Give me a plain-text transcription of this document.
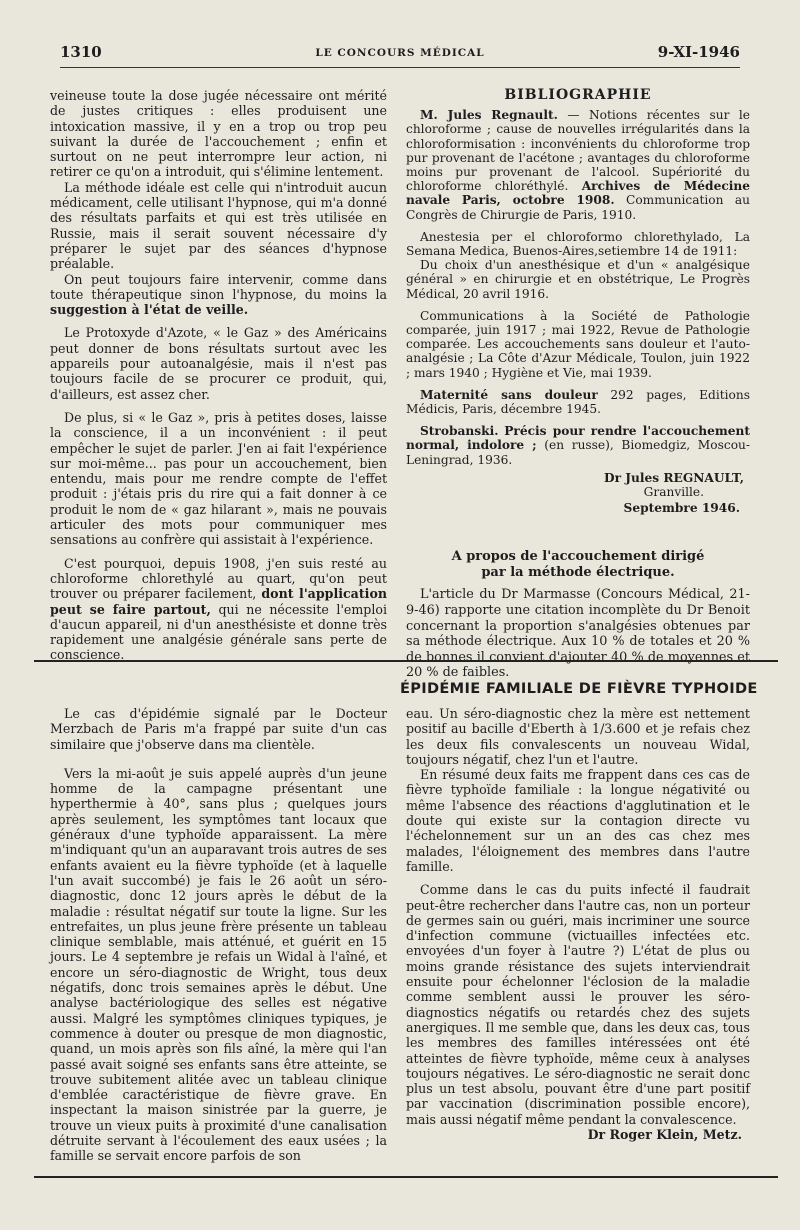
1310	LE CONCOURS MÉDICAL	9-XI-1946

veineuse toute la dose jugée nécessaire ont mérité de justes critiques : elles produisent une intoxication massive, il y en a trop ou trop peu suivant la durée de l'accouchement ; enfin et surtout on ne peut interrompre leur action, ni retirer ce qu'on a introduit, qui s'élimine lentement.

La méthode idéale est celle qui n'introduit aucun médicament, celle utilisant l'hypnose, qui m'a donné des résultats parfaits et qui est très utilisée en Russie, mais il serait souvent nécessaire d'y préparer le sujet par des séances d'hypnose préalable.

On peut toujours faire intervenir, comme dans toute thérapeutique sinon l'hypnose, du moins la suggestion à l'état de veille.

Le Protoxyde d'Azote, « le Gaz » des Américains peut donner de bons résultats surtout avec les appareils pour autoanalgésie, mais il n'est pas toujours facile de se procurer ce produit, qui, d'ailleurs, est assez cher.

De plus, si « le Gaz », pris à petites doses, laisse la conscience, il a un inconvénient : il peut empêcher le sujet de parler. J'en ai fait l'expérience sur moi-même... pas pour un accouchement, bien entendu, mais pour me rendre compte de l'effet produit : j'étais pris du rire qui a fait donner à ce produit le nom de « gaz hilarant », mais ne pouvais articuler des mots pour communiquer mes sensations au confrère qui assistait à l'expérience.

C'est pourquoi, depuis 1908, j'en suis resté au chloroforme chlorethylé au quart, qu'on peut trouver ou préparer facilement, dont l'application peut se faire partout, qui ne nécessite l'emploi d'aucun appareil, ni d'un anesthésiste et donne très rapidement une analgésie générale sans perte de conscience.

BIBLIOGRAPHIE

M. Jules Regnault. — Notions récentes sur le chloroforme ; cause de nouvelles irrégularités dans la chloroformisation : inconvénients du chloroforme trop pur provenant de l'acétone ; avantages du chloroforme moins pur provenant de l'alcool. Supériorité du chloroforme chloréthylé. Archives de Médecine navale Paris, octobre 1908. Communication au Congrès de Chirurgie de Paris, 1910.

Anestesia per el chloroformo chlorethylado, La Semana Medica, Buenos-Aires,setiembre 14 de 1911:

Du choix d'un anesthésique et d'un « analgésique général » en chirurgie et en obstétrique, Le Progrès Médical, 20 avril 1916.

Communications à la Société de Pathologie comparée, juin 1917 ; mai 1922, Revue de Pathologie comparée. Les accouchements sans douleur et l'auto-analgésie ; La Côte d'Azur Médicale, Toulon, juin 1922 ; mars 1940 ; Hygiène et Vie, mai 1939.

Maternité sans douleur 292 pages, Editions Médicis, Paris, décembre 1945.

Strobanski. Précis pour rendre l'accouchement normal, indolore ; (en russe), Biomedgiz, Moscou-Leningrad, 1936.

Dr Jules REGNAULT,

Granville.

Septembre 1946.

A propos de l'accouchement dirigé
par la méthode électrique.

L'article du Dr Marmasse (Concours Médical, 21-9-46) rapporte une citation incomplète du Dr Benoit concernant la proportion s'analgésies obtenues par sa méthode électrique. Aux 10 % de totales et 20 % de bonnes il convient d'ajouter 40 % de moyennes et 20 % de faibles.

ÉPIDÉMIE FAMILIALE DE FIÈVRE TYPHOIDE

Le cas d'épidémie signalé par le Docteur Merzbach de Paris m'a frappé par suite d'un cas similaire que j'observe dans ma clientèle.

Vers la mi-août je suis appelé auprès d'un jeune homme de la campagne présentant une hyperthermie à 40°, sans plus ; quelques jours après seulement, les symptômes tant locaux que généraux d'une typhoïde apparaissent. La mère m'indiquant qu'un an auparavant trois autres de ses enfants avaient eu la fièvre typhoïde (et à laquelle l'un avait succombé) je fais le 26 août un séro-diagnostic, donc 12 jours après le début de la maladie : résultat négatif sur toute la ligne. Sur les entrefaites, un plus jeune frère présente un tableau clinique semblable, mais atténué, et guérit en 15 jours. Le 4 septembre je refais un Widal à l'aîné, et encore un séro-diagnostic de Wright, tous deux négatifs, donc trois semaines après le début. Une analyse bactériologique des selles est négative aussi. Malgré les symptômes cliniques typiques, je commence à douter ou presque de mon diagnostic, quand, un mois après son fils aîné, la mère qui l'an passé avait soigné ses enfants sans être atteinte, se trouve subitement alitée avec un tableau clinique d'emblée caractéristique de fièvre grave. En inspectant la maison sinistrée par la guerre, je trouve un vieux puits à proximité d'une canalisation détruite servant à l'écoulement des eaux usées ; la famille se servait encore parfois de son

eau. Un séro-diagnostic chez la mère est nettement positif au bacille d'Eberth à 1/3.600 et je refais chez les deux fils convalescents un nouveau Widal, toujours négatif, chez l'un et l'autre.

En résumé deux faits me frappent dans ces cas de fièvre typhoïde familiale : la longue négativité ou même l'absence des réactions d'agglutination et le doute qui existe sur la contagion directe vu l'échelonnement sur un an des cas chez mes malades, l'éloignement des membres dans l'autre famille.

Comme dans le cas du puits infecté il faudrait peut-être rechercher dans l'autre cas, non un porteur de germes sain ou guéri, mais incriminer une source d'infection commune (victuailles infectées etc. envoyées d'un foyer à l'autre ?) L'état de plus ou moins grande résistance des sujets interviendrait ensuite pour échelonner l'éclosion de la maladie comme semblent aussi le prouver les séro-diagnostics négatifs ou retardés chez des sujets anergiques. Il me semble que, dans les deux cas, tous les membres des familles intéressées ont été atteintes de fièvre typhoïde, même ceux à analyses toujours négatives. Le séro-diagnostic ne serait donc plus un test absolu, pouvant être d'une part positif par vaccination (discrimination possible encore), mais aussi négatif même pendant la convalescence.

Dr Roger Klein, Metz.
